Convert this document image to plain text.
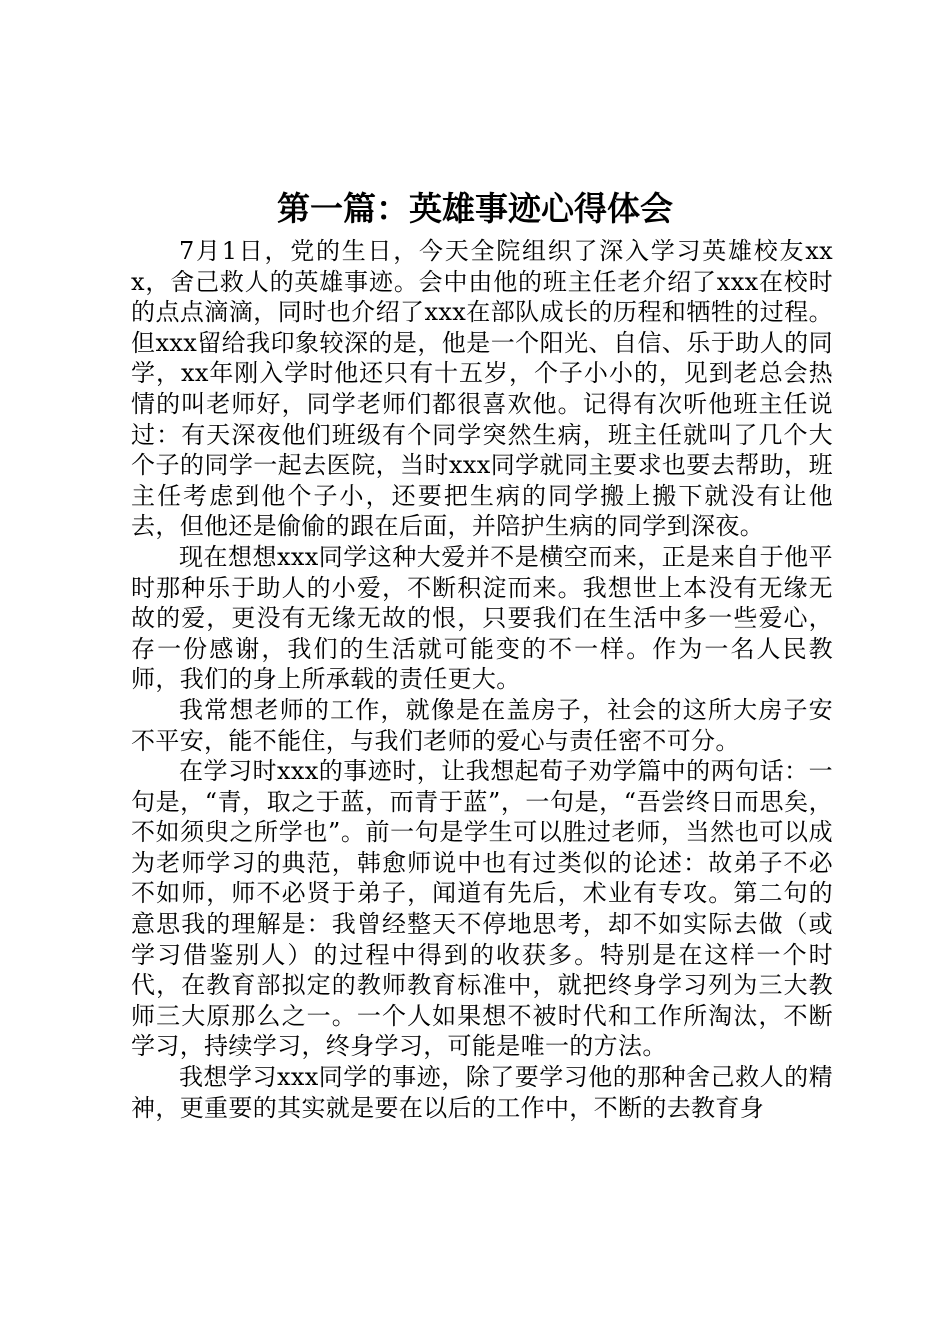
第一篇：英雄事迹心得体会

7月1日，党的生日，今天全院组织了深入学习英雄校友xxx，舍己救人的英雄事迹。会中由他的班主任老介绍了xxx在校时的点点滴滴，同时也介绍了xxx在部队成长的历程和牺牲的过程。但xxx留给我印象较深的是，他是一个阳光、自信、乐于助人的同学，xx年刚入学时他还只有十五岁，个子小小的，见到老总会热情的叫老师好，同学老师们都很喜欢他。记得有次听他班主任说过：有天深夜他们班级有个同学突然生病，班主任就叫了几个大个子的同学一起去医院，当时xxx同学就同主要求也要去帮助，班主任考虑到他个子小，还要把生病的同学搬上搬下就没有让他去，但他还是偷偷的跟在后面，并陪护生病的同学到深夜。

现在想想xxx同学这种大爱并不是横空而来，正是来自于他平时那种乐于助人的小爱，不断积淀而来。我想世上本没有无缘无故的爱，更没有无缘无故的恨，只要我们在生活中多一些爱心，存一份感谢，我们的生活就可能变的不一样。作为一名人民教师，我们的身上所承载的责任更大。

我常想老师的工作，就像是在盖房子，社会的这所大房子安不平安，能不能住，与我们老师的爱心与责任密不可分。

在学习时xxx的事迹时，让我想起荀子劝学篇中的两句话：一句是，“青，取之于蓝，而青于蓝”，一句是，“吾尝终日而思矣，不如须臾之所学也”。前一句是学生可以胜过老师，当然也可以成为老师学习的典范，韩愈师说中也有过类似的论述：故弟子不必不如师，师不必贤于弟子，闻道有先后，术业有专攻。第二句的意思我的理解是：我曾经整天不停地思考，却不如实际去做（或学习借鉴别人）的过程中得到的收获多。特别是在这样一个时代，在教育部拟定的教师教育标准中，就把终身学习列为三大教师三大原那么之一。一个人如果想不被时代和工作所淘汰，不断学习，持续学习，终身学习，可能是唯一的方法。

我想学习xxx同学的事迹，除了要学习他的那种舍己救人的精神，更重要的其实就是要在以后的工作中，不断的去教育身
